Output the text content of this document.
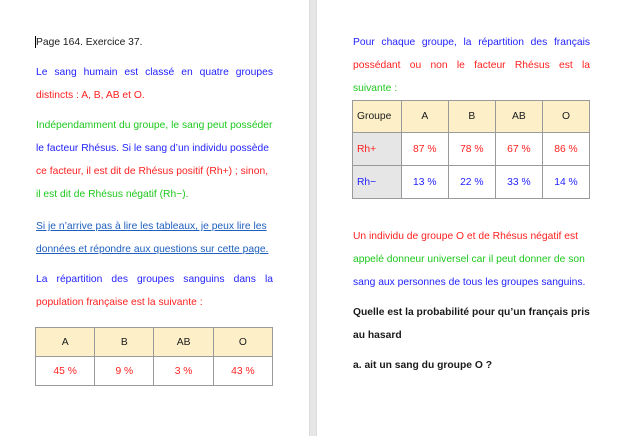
Page 164. Exercice 37.
Le sang humain est classé en quatre groupes
distincts : A, B, AB et O.
Indépendamment du groupe, le sang peut posséder
le facteur Rhésus. Si le sang d’un individu possède
ce facteur, il est dit de Rhésus positif (Rh+) ; sinon,
il est dit de Rhésus négatif (Rh−).
Si je n’arrive pas à lire les tableaux, je peux lire les
données et répondre aux questions sur cette page.
La répartition des groupes sanguins dans la
population française est la suivante :
A	B	AB	O
45 %	9 %	3 %	43 %
Pour chaque groupe, la répartition des français
possédant ou non le facteur Rhésus est la
suivante :
Groupe	A	B	AB	O
Rh+	87 %	78 %	67 %	86 %
Rh−	13 %	22 %	33 %	14 %
Un individu de groupe O et de Rhésus négatif est
appelé donneur universel car il peut donner de son
sang aux personnes de tous les groupes sanguins.
Quelle est la probabilité pour qu’un français pris
au hasard
a. ait un sang du groupe O ?
